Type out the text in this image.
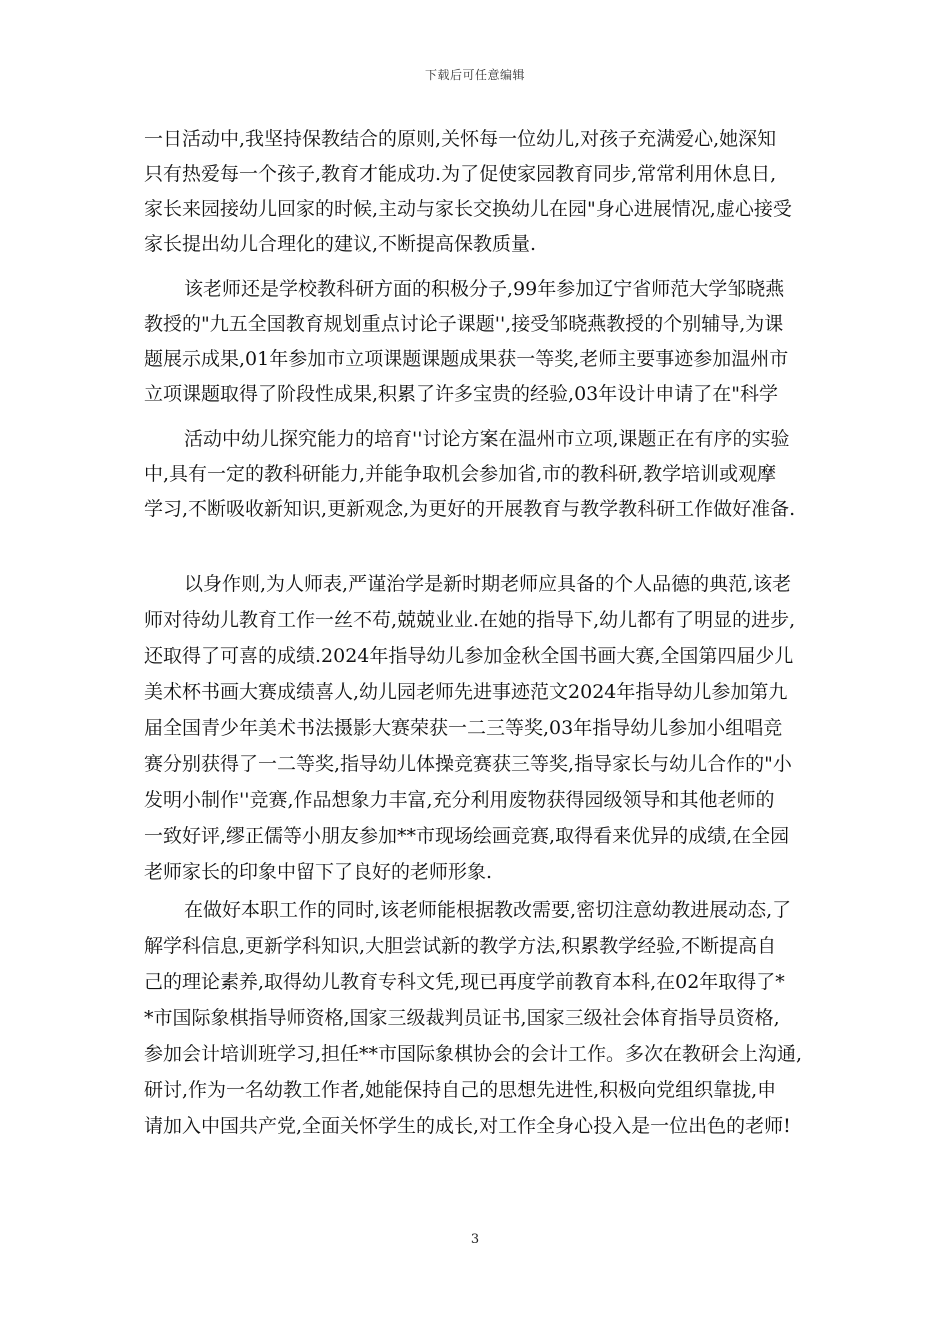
下载后可任意编辑
一日活动中,我坚持保教结合的原则,关怀每一位幼儿,对孩子充满爱心,她深知
只有热爱每一个孩子,教育才能成功.为了促使家园教育同步,常常利用休息日,
家长来园接幼儿回家的时候,主动与家长交换幼儿在园"身心进展情况,虚心接受
家长提出幼儿合理化的建议,不断提高保教质量.
该老师还是学校教科研方面的积极分子,99年参加辽宁省师范大学邹晓燕
教授的"九五全国教育规划重点讨论子课题'',接受邹晓燕教授的个别辅导,为课
题展示成果,01年参加市立项课题课题成果获一等奖,老师主要事迹参加温州市
立项课题取得了阶段性成果,积累了许多宝贵的经验,03年设计申请了在"科学
活动中幼儿探究能力的培育''讨论方案在温州市立项,课题正在有序的实验
中,具有一定的教科研能力,并能争取机会参加省,市的教科研,教学培训或观摩
学习,不断吸收新知识,更新观念,为更好的开展教育与教学教科研工作做好准备.
以身作则,为人师表,严谨治学是新时期老师应具备的个人品德的典范,该老
师对待幼儿教育工作一丝不苟,兢兢业业.在她的指导下,幼儿都有了明显的进步,
还取得了可喜的成绩.2024年指导幼儿参加金秋全国书画大赛,全国第四届少儿
美术杯书画大赛成绩喜人,幼儿园老师先进事迹范文2024年指导幼儿参加第九
届全国青少年美术书法摄影大赛荣获一二三等奖,03年指导幼儿参加小组唱竞
赛分别获得了一二等奖,指导幼儿体操竞赛获三等奖,指导家长与幼儿合作的"小
发明小制作''竞赛,作品想象力丰富,充分利用废物获得园级领导和其他老师的
一致好评,缪正儒等小朋友参加**市现场绘画竞赛,取得看来优异的成绩,在全园
老师家长的印象中留下了良好的老师形象.
在做好本职工作的同时,该老师能根据教改需要,密切注意幼教进展动态,了
解学科信息,更新学科知识,大胆尝试新的教学方法,积累教学经验,不断提高自
己的理论素养,取得幼儿教育专科文凭,现已再度学前教育本科,在02年取得了*
*市国际象棋指导师资格,国家三级裁判员证书,国家三级社会体育指导员资格,
参加会计培训班学习,担任**市国际象棋协会的会计工作。多次在教研会上沟通,
研讨,作为一名幼教工作者,她能保持自己的思想先进性,积极向党组织靠拢,申
请加入中国共产党,全面关怀学生的成长,对工作全身心投入是一位出色的老师!
3
